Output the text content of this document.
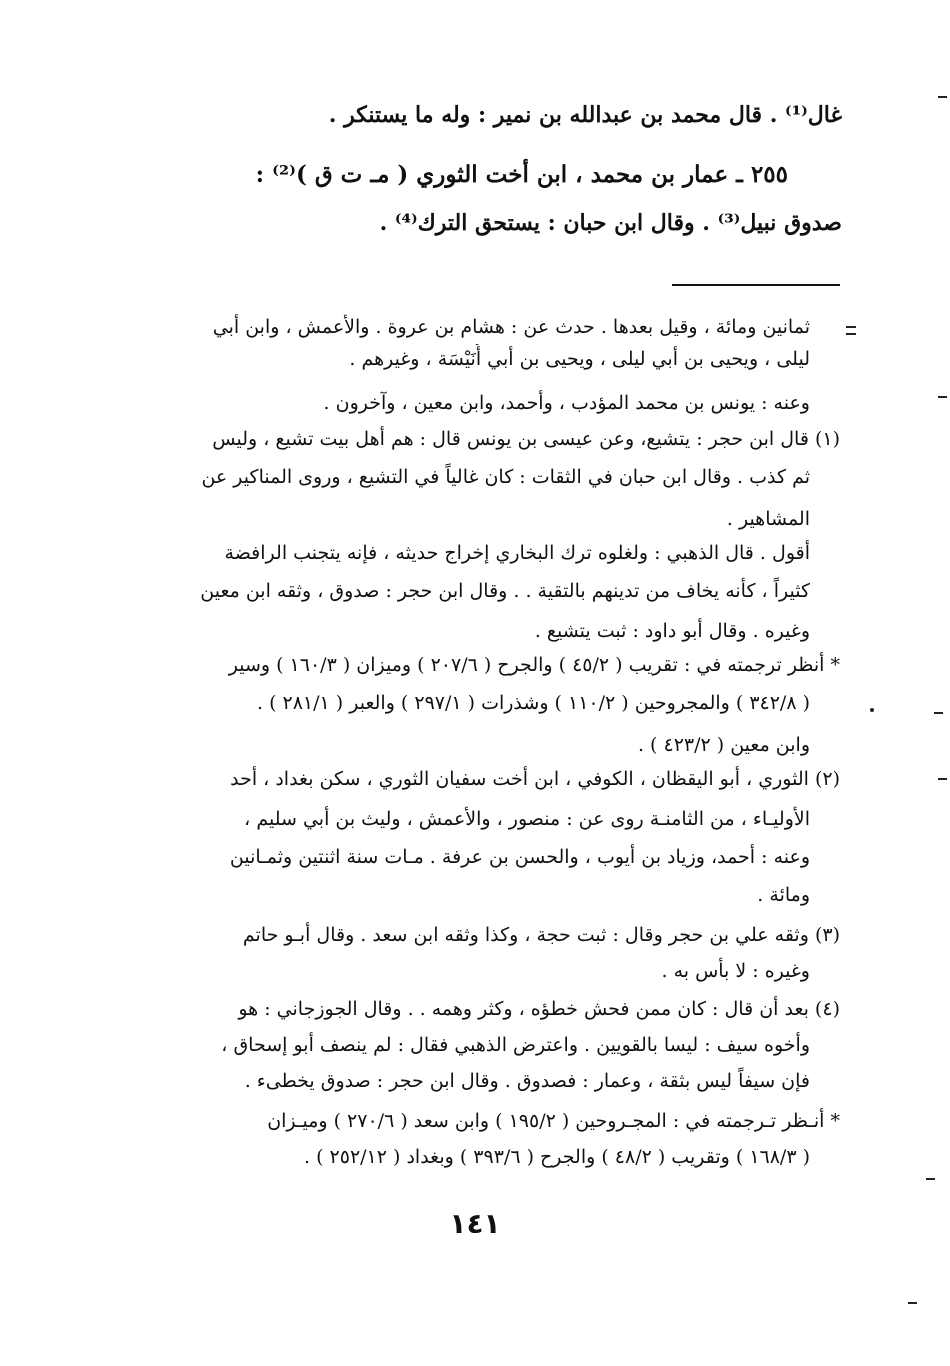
غال⁽¹⁾ . قال محمد بن عبدالله بن نمير : وله ما يستنكر .
٢٥٥ ـ عمار بن محمد ، ابن أخت الثوري ( مـ ت ق )⁽²⁾ :
صدوق نبيل⁽³⁾ . وقال ابن حبان : يستحق الترك⁽⁴⁾ .
ثمانين ومائة ، وقيل بعدها . حدث عن : هشام بن عروة . والأعمش ، وابن أبي
ليلى ، ويحيى بن أبي ليلى ، ويحيى بن أبي أُنَيْسَة ، وغيرهم .
وعنه : يونس بن محمد المؤدب ، وأحمد، وابن معين ، وآخرون .
(١) قال ابن حجر : يتشيع، وعن عيسى بن يونس قال : هم أهل بيت تشيع ، وليس
ثم كذب . وقال ابن حبان في الثقات : كان غالياً في التشيع ، وروى المناكير عن
المشاهير .
أقول . قال الذهبي : ولغلوه ترك البخاري إخراج حديثه ، فإنه يتجنب الرافضة
كثيراً ، كأنه يخاف من تدينهم بالتقية . . وقال ابن حجر : صدوق ، وثقه ابن معين
وغيره . وقال أبو داود : ثبت يتشيع .
* أنظر ترجمته في : تقريب ( ٤٥/٢ ) والجرح ( ٢٠٧/٦ ) وميزان ( ١٦٠/٣ ) وسير
( ٣٤٢/٨ ) والمجروحين ( ١١٠/٢ ) وشذرات ( ٢٩٧/١ ) والعبر ( ٢٨١/١ ) .
وابن معين ( ٤٢٣/٢ ) .
(٢) الثوري ، أبو اليقظان ، الكوفي ، ابن أخت سفيان الثوري ، سكن بغداد ، أحد
الأوليـاء ، من الثامنـة روى عن : منصور ، والأعمش ، وليث بن أبي سليم ،
وعنه : أحمد، وزياد بن أيوب ، والحسن بن عرفة . مـات سنة اثنتين وثمـانين
ومائة .
(٣) وثقه علي بن حجر وقال : ثبت حجة ، وكذا وثقه ابن سعد . وقال أبـو حاتم
وغيره : لا بأس به .
(٤) بعد أن قال : كان ممن فحش خطؤه ، وكثر وهمه . . وقال الجوزجاني : هو
وأخوه سيف : ليسا بالقويين . واعترض الذهبي فقال : لم ينصف أبو إسحاق ،
فإن سيفاً ليس بثقة ، وعمار : فصدوق . وقال ابن حجر : صدوق يخطىء .
* أنـظر تـرجمته في : المجـروحين ( ١٩٥/٢ ) وابن سعد ( ٢٧٠/٦ ) وميـزان
( ١٦٨/٣ ) وتقريب ( ٤٨/٢ ) والجرح ( ٣٩٣/٦ ) وبغداد ( ٢٥٢/١٢ ) .
١٤١
